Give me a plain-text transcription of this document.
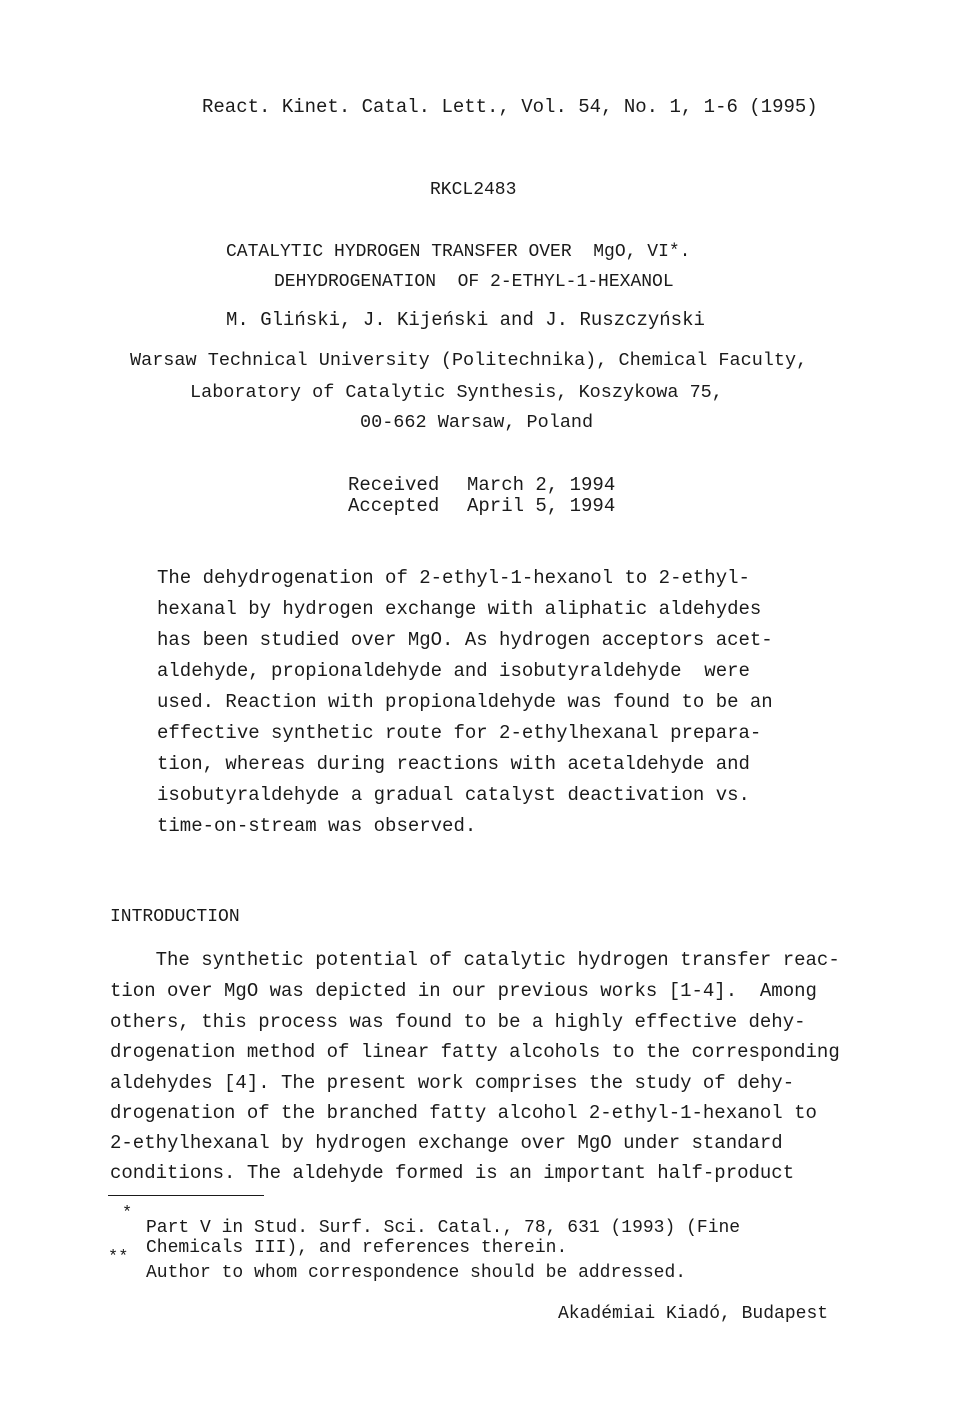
React. Kinet. Catal. Lett., Vol. 54, No. 1, 1-6 (1995)
RKCL2483
CATALYTIC HYDROGEN TRANSFER OVER  MgO, VI*.
DEHYDROGENATION  OF 2-ETHYL-1-HEXANOL
M. Gliński, J. Kijeński and J. Ruszczyński
Warsaw Technical University (Politechnika), Chemical Faculty,
Laboratory of Catalytic Synthesis, Koszykowa 75,
00-662 Warsaw, Poland
Received March 2, 1994
Accepted April 5, 1994
The dehydrogenation of 2-ethyl-1-hexanol to 2-ethyl-
hexanal by hydrogen exchange with aliphatic aldehydes
has been studied over MgO. As hydrogen acceptors acet-
aldehyde, propionaldehyde and isobutyraldehyde  were
used. Reaction with propionaldehyde was found to be an
effective synthetic route for 2-ethylhexanal prepara-
tion, whereas during reactions with acetaldehyde and
isobutyraldehyde a gradual catalyst deactivation vs.
time-on-stream was observed.
INTRODUCTION
The synthetic potential of catalytic hydrogen transfer reac-
tion over MgO was depicted in our previous works [1-4].  Among
others, this process was found to be a highly effective dehy-
drogenation method of linear fatty alcohols to the corresponding
aldehydes [4]. The present work comprises the study of dehy-
drogenation of the branched fatty alcohol 2-ethyl-1-hexanol to
2-ethylhexanal by hydrogen exchange over MgO under standard
conditions. The aldehyde formed is an important half-product
*
Part V in Stud. Surf. Sci. Catal., 78, 631 (1993) (Fine
** Chemicals III), and references therein.
Author to whom correspondence should be addressed.
Akadémiai Kiadó, Budapest
